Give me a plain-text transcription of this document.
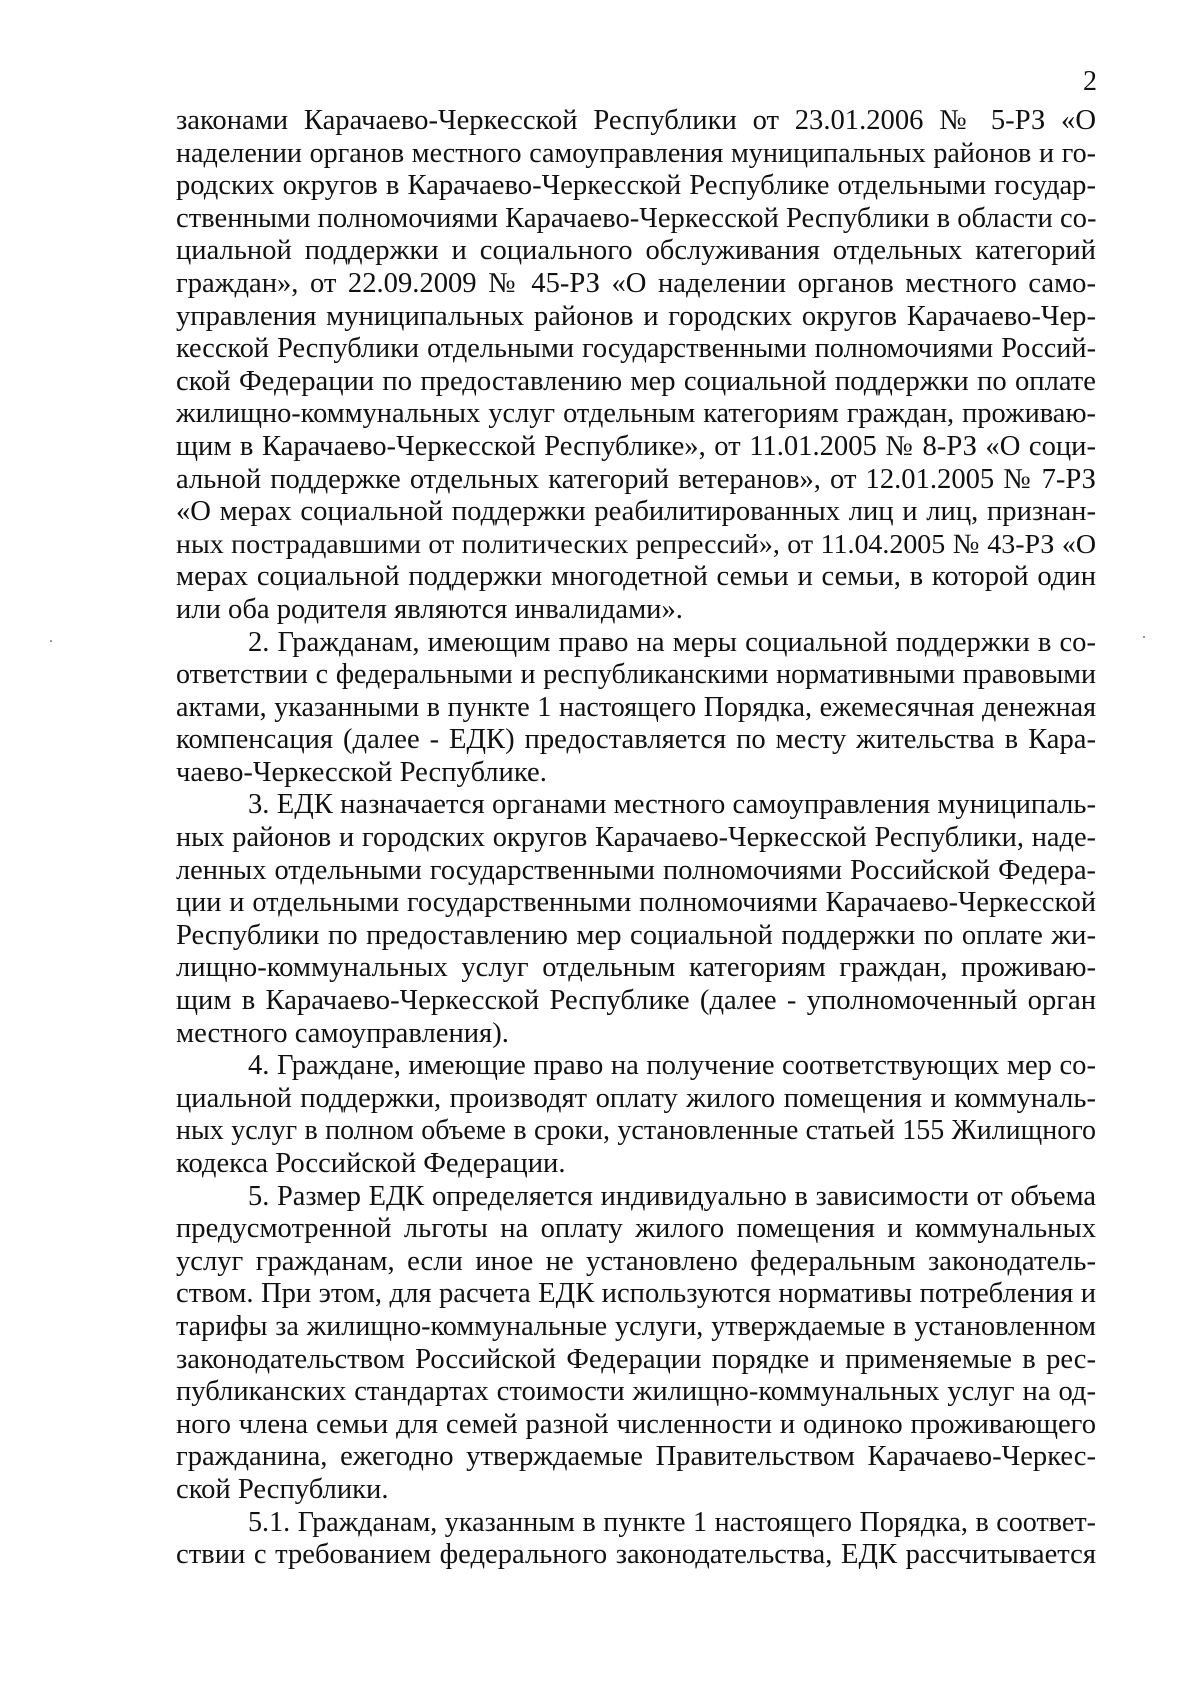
2
законами Карачаево-Черкесской Республики от 23.01.2006 № 5-РЗ «О
наделении органов местного самоуправления муниципальных районов и го-
родских округов в Карачаево-Черкесской Республике отдельными государ-
ственными полномочиями Карачаево-Черкесской Республики в области со-
циальной поддержки и социального обслуживания отдельных категорий
граждан», от 22.09.2009 № 45-РЗ «О наделении органов местного само-
управления муниципальных районов и городских округов Карачаево-Чер-
кесской Республики отдельными государственными полномочиями Россий-
ской Федерации по предоставлению мер социальной поддержки по оплате
жилищно-коммунальных услуг отдельным категориям граждан, проживаю-
щим в Карачаево-Черкесской Республике», от 11.01.2005 № 8-РЗ «О соци-
альной поддержке отдельных категорий ветеранов», от 12.01.2005 № 7-РЗ
«О мерах социальной поддержки реабилитированных лиц и лиц, признан-
ных пострадавшими от политических репрессий», от 11.04.2005 № 43-РЗ «О
мерах социальной поддержки многодетной семьи и семьи, в которой один
или оба родителя являются инвалидами».
2. Гражданам, имеющим право на меры социальной поддержки в со-
ответствии с федеральными и республиканскими нормативными правовыми
актами, указанными в пункте 1 настоящего Порядка, ежемесячная денежная
компенсация (далее - ЕДК) предоставляется по месту жительства в Кара-
чаево-Черкесской Республике.
3. ЕДК назначается органами местного самоуправления муниципаль-
ных районов и городских округов Карачаево-Черкесской Республики, наде-
ленных отдельными государственными полномочиями Российской Федера-
ции и отдельными государственными полномочиями Карачаево-Черкесской
Республики по предоставлению мер социальной поддержки по оплате жи-
лищно-коммунальных услуг отдельным категориям граждан, проживаю-
щим в Карачаево-Черкесской Республике (далее - уполномоченный орган
местного самоуправления).
4. Граждане, имеющие право на получение соответствующих мер со-
циальной поддержки, производят оплату жилого помещения и коммуналь-
ных услуг в полном объеме в сроки, установленные статьей 155 Жилищного
кодекса Российской Федерации.
5. Размер ЕДК определяется индивидуально в зависимости от объема
предусмотренной льготы на оплату жилого помещения и коммунальных
услуг гражданам, если иное не установлено федеральным законодатель-
ством. При этом, для расчета ЕДК используются нормативы потребления и
тарифы за жилищно-коммунальные услуги, утверждаемые в установленном
законодательством Российской Федерации порядке и применяемые в рес-
публиканских стандартах стоимости жилищно-коммунальных услуг на од-
ного члена семьи для семей разной численности и одиноко проживающего
гражданина, ежегодно утверждаемые Правительством Карачаево-Черкес-
ской Республики.
5.1. Гражданам, указанным в пункте 1 настоящего Порядка, в соответ-
ствии с требованием федерального законодательства, ЕДК рассчитывается
